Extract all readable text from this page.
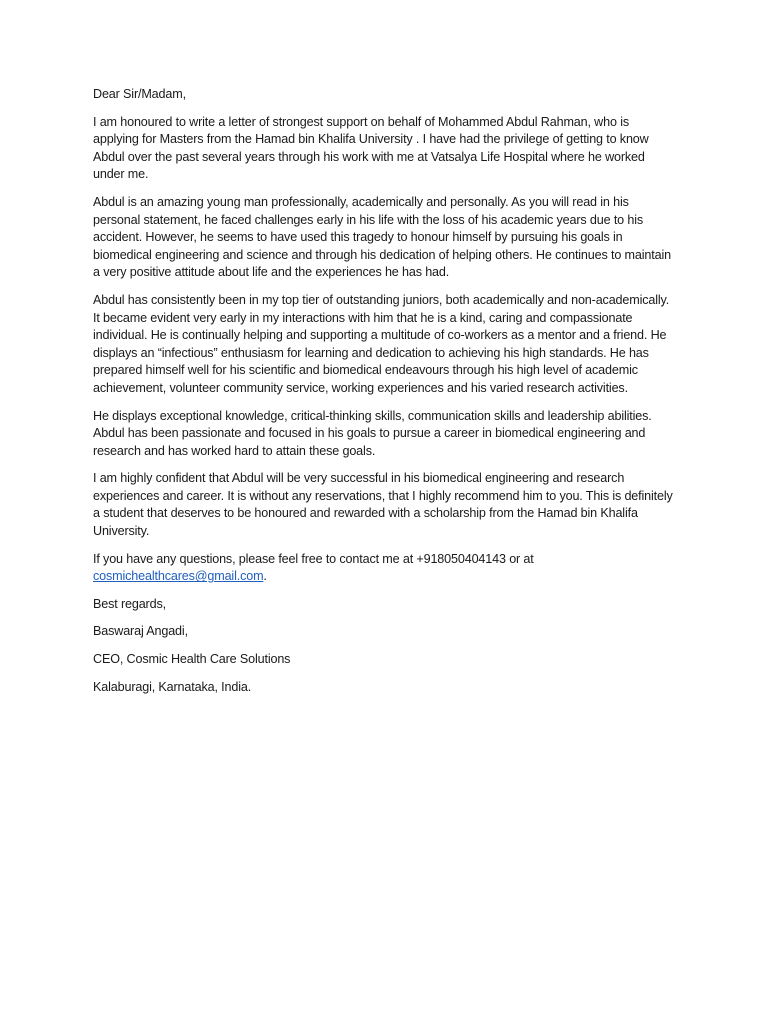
Dear Sir/Madam,

I am honoured to write a letter of strongest support on behalf of Mohammed Abdul Rahman, who is applying for Masters from the Hamad bin Khalifa University . I have had the privilege of getting to know Abdul over the past several years through his work with me at Vatsalya Life Hospital where he worked under me.

Abdul is an amazing young man professionally, academically and personally. As you will read in his personal statement, he faced challenges early in his life with the loss of his academic years due to his accident. However, he seems to have used this tragedy to honour himself by pursuing his goals in biomedical engineering and science and through his dedication of helping others. He continues to maintain a very positive attitude about life and the experiences he has had.

Abdul has consistently been in my top tier of outstanding juniors, both academically and non-academically. It became evident very early in my interactions with him that he is a kind, caring and compassionate individual. He is continually helping and supporting a multitude of co-workers as a mentor and a friend. He displays an “infectious” enthusiasm for learning and dedication to achieving his high standards. He has prepared himself well for his scientific and biomedical endeavours through his high level of academic achievement, volunteer community service, working experiences and his varied research activities.

He displays exceptional knowledge, critical-thinking skills, communication skills and leadership abilities. Abdul has been passionate and focused in his goals to pursue a career in biomedical engineering and research and has worked hard to attain these goals.

I am highly confident that Abdul will be very successful in his biomedical engineering and research experiences and career. It is without any reservations, that I highly recommend him to you. This is definitely a student that deserves to be honoured and rewarded with a scholarship from the Hamad bin Khalifa University.

If you have any questions, please feel free to contact me at +918050404143 or at cosmichealthcares@gmail.com.

Best regards,

Baswaraj Angadi,

CEO, Cosmic Health Care Solutions

Kalaburagi, Karnataka, India.
